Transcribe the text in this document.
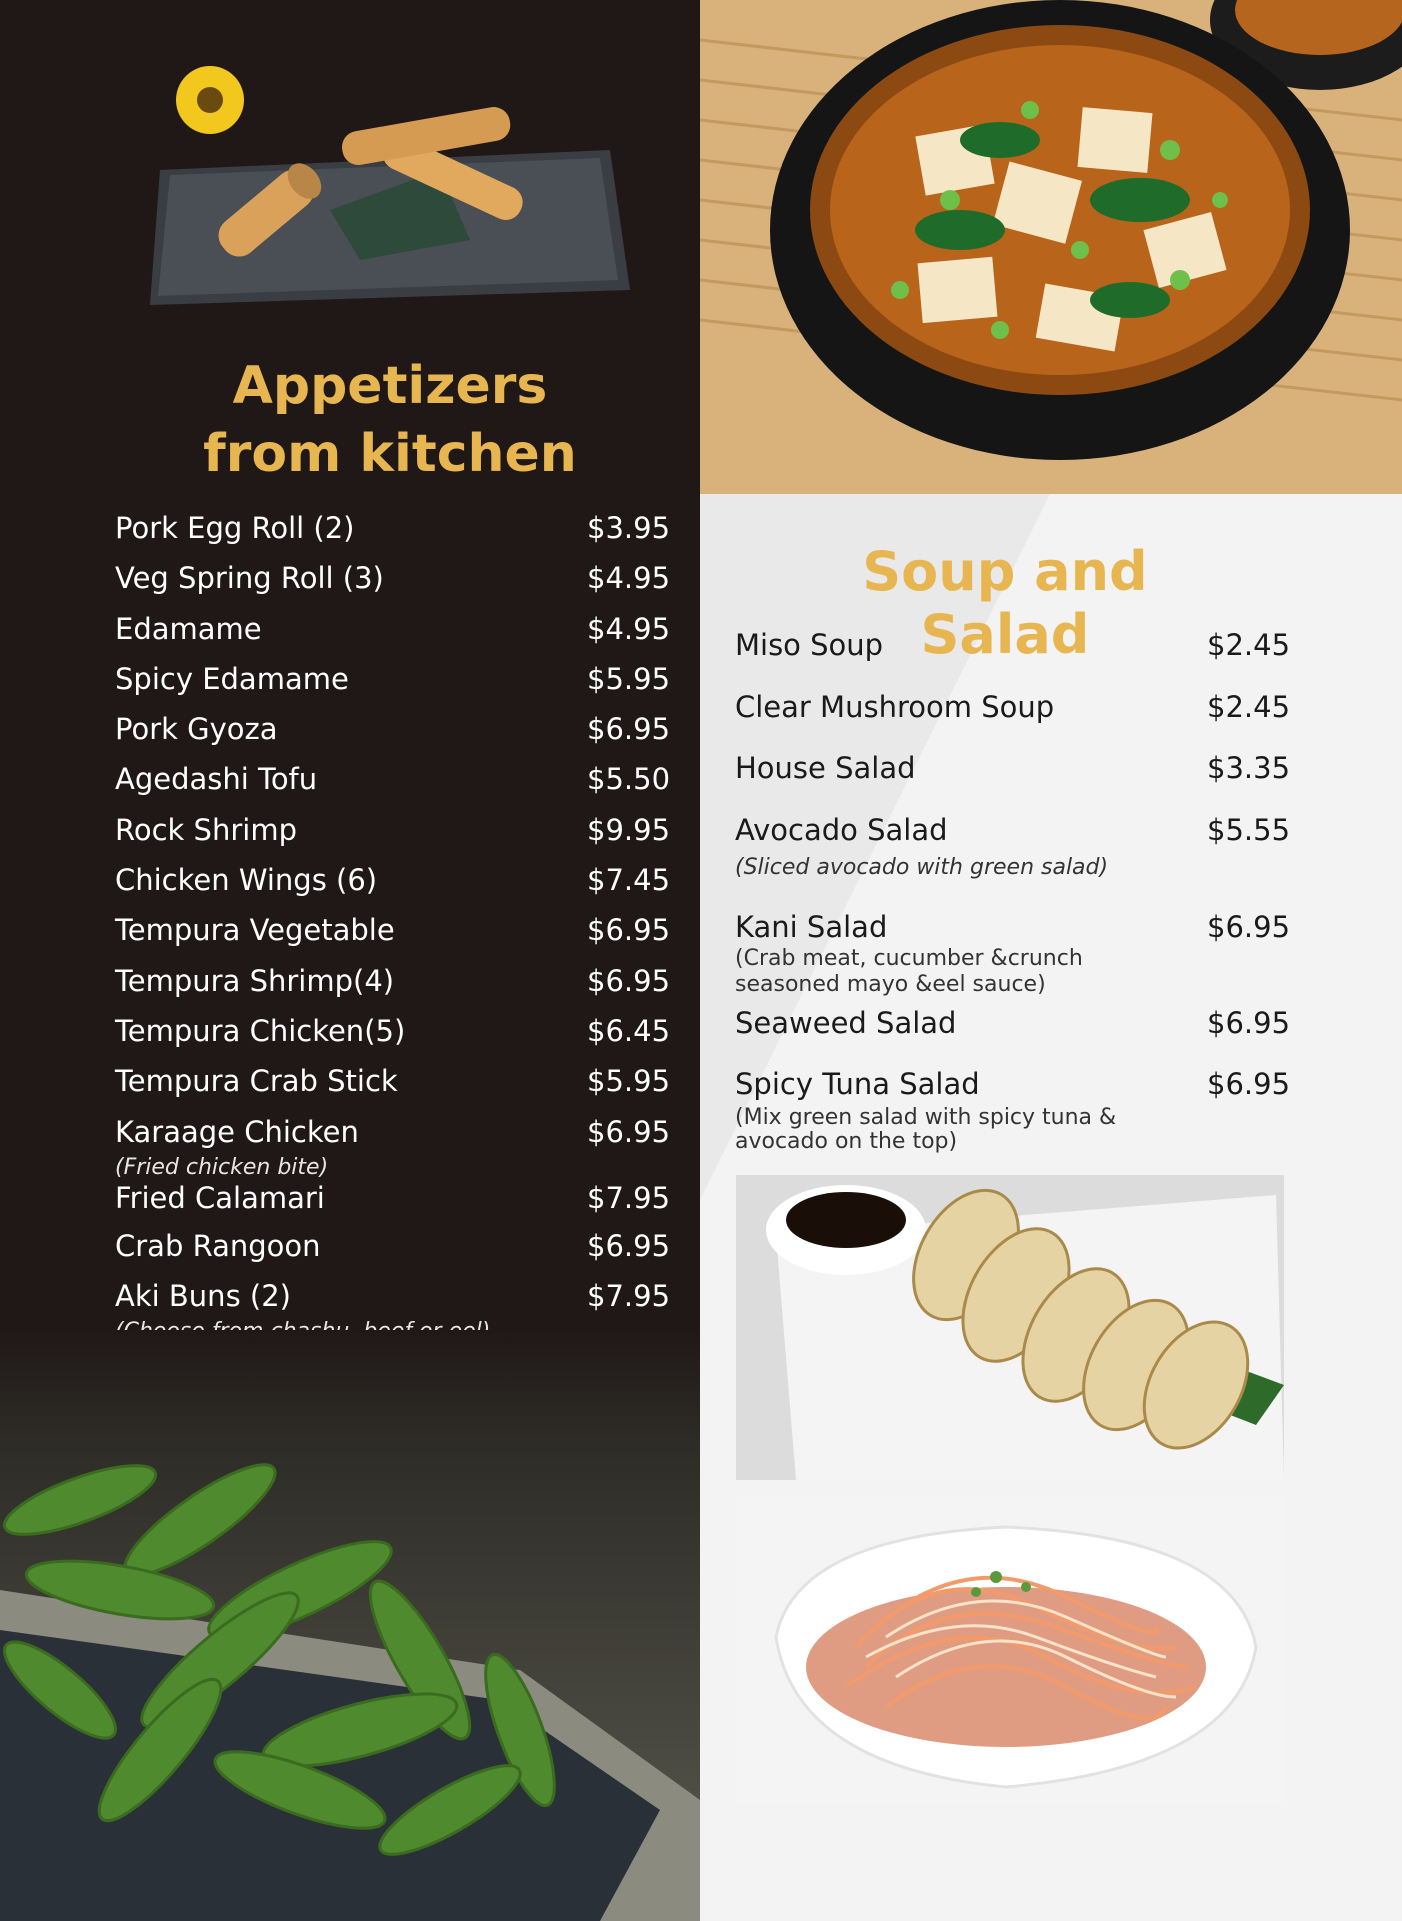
Appetizers
from kitchen
Pork Egg Roll (2)	$3.95
Veg Spring Roll (3)	$4.95
Edamame	$4.95
Spicy Edamame	$5.95
Pork Gyoza	$6.95
Agedashi Tofu	$5.50
Rock Shrimp	$9.95
Chicken Wings (6)	$7.45
Tempura Vegetable	$6.95
Tempura Shrimp(4)	$6.95
Tempura Chicken(5)	$6.45
Tempura Crab Stick	$5.95
Karaage Chicken	$6.95
(Fried chicken bite)
Fried Calamari	$7.95
Crab Rangoon	$6.95
Aki Buns (2)	$7.95
Soup and Salad
Miso Soup	$2.45
Clear Mushroom Soup	$2.45
House Salad	$3.35
Avocado Salad	$5.55
(Sliced avocado with green salad)
Kani Salad	$6.95
(Crab meat, cucumber &crunch
seasoned mayo &eel sauce)
Seaweed Salad	$6.95
Spicy Tuna Salad	$6.95
(Mix green salad with spicy tuna &
avocado on the top)
